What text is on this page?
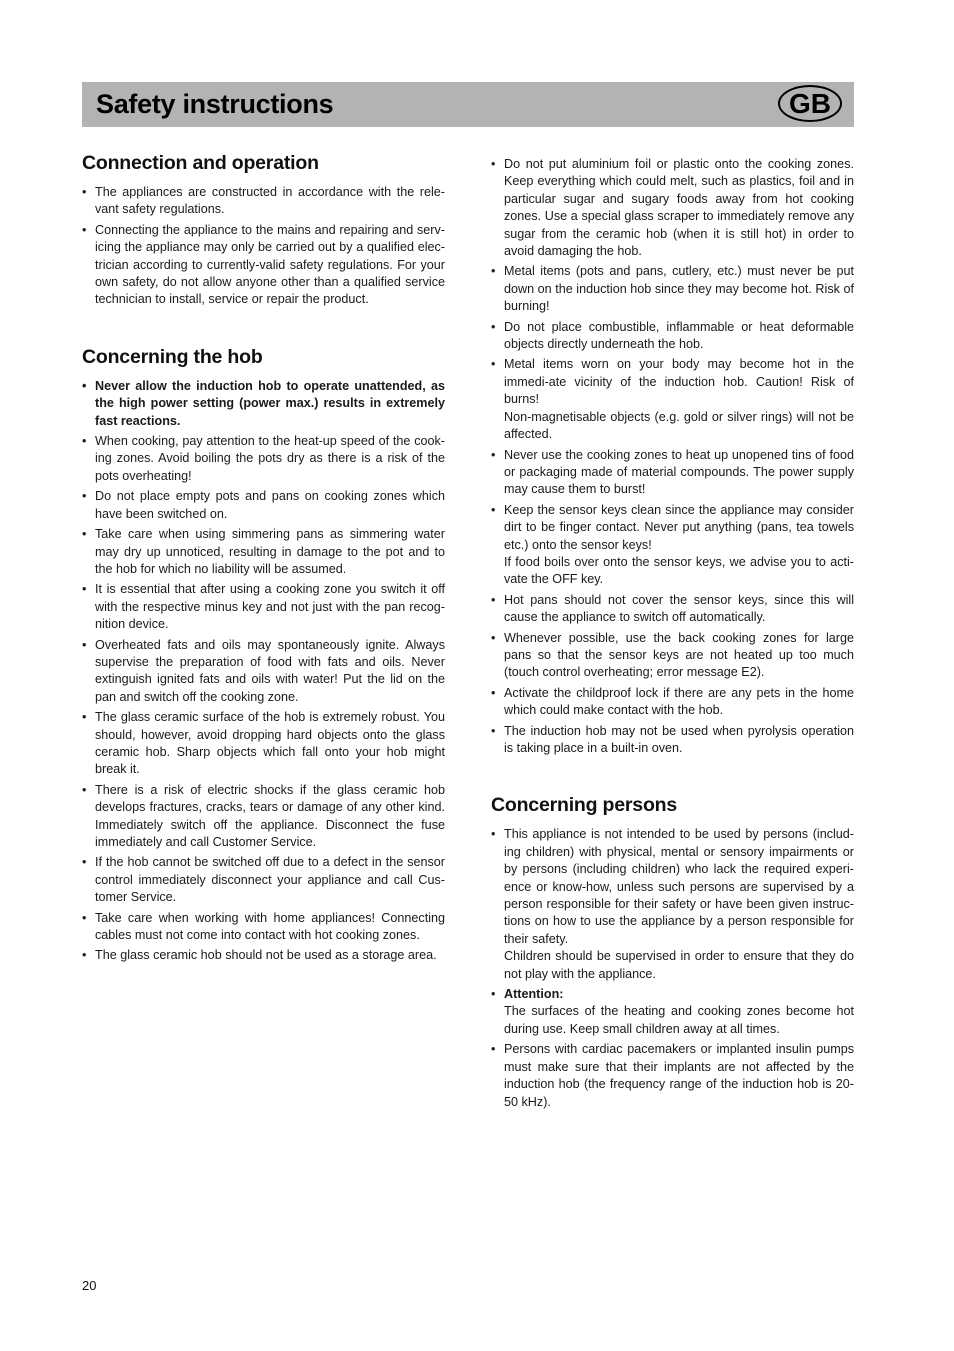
Safety instructions	GB
Connection and operation
• The appliances are constructed in accordance with the rele-vant safety regulations.
• Connecting the appliance to the mains and repairing and serv-icing the appliance may only be carried out by a qualified elec-trician according to currently-valid safety regulations. For your own safety, do not allow anyone other than a qualified service technician to install, service or repair the product.
Concerning the hob
• Never allow the induction hob to operate unattended, as the high power setting (power max.) results in extremely fast reactions.
• When cooking, pay attention to the heat-up speed of the cook-ing zones. Avoid boiling the pots dry as there is a risk of the pots overheating!
• Do not place empty pots and pans on cooking zones which have been switched on.
• Take care when using simmering pans as simmering water may dry up unnoticed, resulting in damage to the pot and to the hob for which no liability will be assumed.
• It is essential that after using a cooking zone you switch it off with the respective minus key and not just with the pan recog-nition device.
• Overheated fats and oils may spontaneously ignite. Always supervise the preparation of food with fats and oils. Never extinguish ignited fats and oils with water! Put the lid on the pan and switch off the cooking zone.
• The glass ceramic surface of the hob is extremely robust. You should, however, avoid dropping hard objects onto the glass ceramic hob. Sharp objects which fall onto your hob might break it.
• There is a risk of electric shocks if the glass ceramic hob develops fractures, cracks, tears or damage of any other kind. Immediately switch off the appliance. Disconnect the fuse immediately and call Customer Service.
• If the hob cannot be switched off due to a defect in the sensor control immediately disconnect your appliance and call Cus-tomer Service.
• Take care when working with home appliances! Connecting cables must not come into contact with hot cooking zones.
• The glass ceramic hob should not be used as a storage area.
• Do not put aluminium foil or plastic onto the cooking zones. Keep everything which could melt, such as plastics, foil and in particular sugar and sugary foods away from hot cooking zones. Use a special glass scraper to immediately remove any sugar from the ceramic hob (when it is still hot) in order to avoid damaging the hob.
• Metal items (pots and pans, cutlery, etc.) must never be put down on the induction hob since they may become hot. Risk of burning!
• Do not place combustible, inflammable or heat deformable objects directly underneath the hob.
• Metal items worn on your body may become hot in the immedi-ate vicinity of the induction hob. Caution! Risk of burns!
Non-magnetisable objects (e.g. gold or silver rings) will not be affected.
• Never use the cooking zones to heat up unopened tins of food or packaging made of material compounds. The power supply may cause them to burst!
• Keep the sensor keys clean since the appliance may consider dirt to be finger contact. Never put anything (pans, tea towels etc.) onto the sensor keys!
If food boils over onto the sensor keys, we advise you to acti-vate the OFF key.
• Hot pans should not cover the sensor keys, since this will cause the appliance to switch off automatically.
• Whenever possible, use the back cooking zones for large pans so that the sensor keys are not heated up too much (touch control overheating; error message E2).
• Activate the childproof lock if there are any pets in the home which could make contact with the hob.
• The induction hob may not be used when pyrolysis operation is taking place in a built-in oven.
Concerning persons
• This appliance is not intended to be used by persons (includ-ing children) with physical, mental or sensory impairments or by persons (including children) who lack the required experi-ence or know-how, unless such persons are supervised by a person responsible for their safety or have been given instruc-tions on how to use the appliance by a person responsible for their safety.
Children should be supervised in order to ensure that they do not play with the appliance.
• Attention:
The surfaces of the heating and cooking zones become hot during use. Keep small children away at all times.
• Persons with cardiac pacemakers or implanted insulin pumps must make sure that their implants are not affected by the induction hob (the frequency range of the induction hob is 20-50 kHz).
20
